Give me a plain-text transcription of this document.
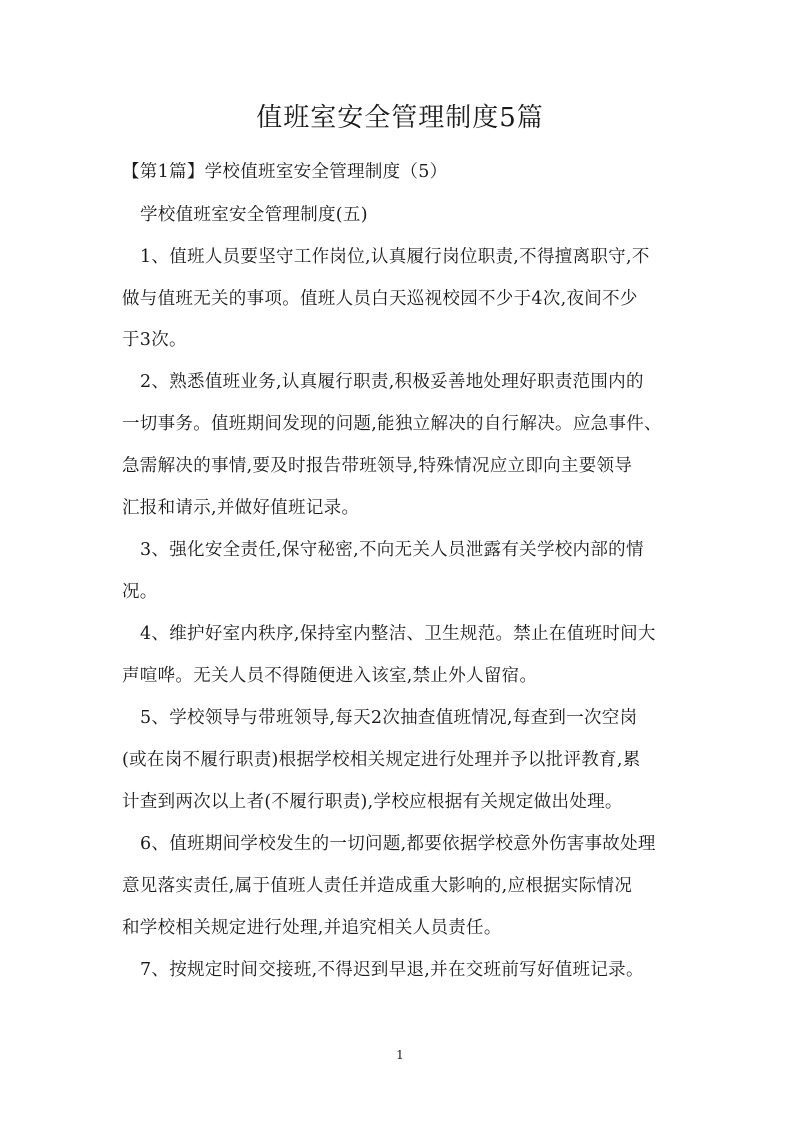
值班室安全管理制度5篇
【第1篇】学校值班室安全管理制度（5）
学校值班室安全管理制度(五)
1、值班人员要坚守工作岗位,认真履行岗位职责,不得擅离职守,不
做与值班无关的事项。值班人员白天巡视校园不少于4次,夜间不少
于3次。
2、熟悉值班业务,认真履行职责,积极妥善地处理好职责范围内的
一切事务。值班期间发现的问题,能独立解决的自行解决。应急事件、
急需解决的事情,要及时报告带班领导,特殊情况应立即向主要领导
汇报和请示,并做好值班记录。
3、强化安全责任,保守秘密,不向无关人员泄露有关学校内部的情
况。
4、维护好室内秩序,保持室内整洁、卫生规范。禁止在值班时间大
声喧哗。无关人员不得随便进入该室,禁止外人留宿。
5、学校领导与带班领导,每天2次抽查值班情况,每查到一次空岗
(或在岗不履行职责)根据学校相关规定进行处理并予以批评教育,累
计查到两次以上者(不履行职责),学校应根据有关规定做出处理。
6、值班期间学校发生的一切问题,都要依据学校意外伤害事故处理
意见落实责任,属于值班人责任并造成重大影响的,应根据实际情况
和学校相关规定进行处理,并追究相关人员责任。
7、按规定时间交接班,不得迟到早退,并在交班前写好值班记录。
1
